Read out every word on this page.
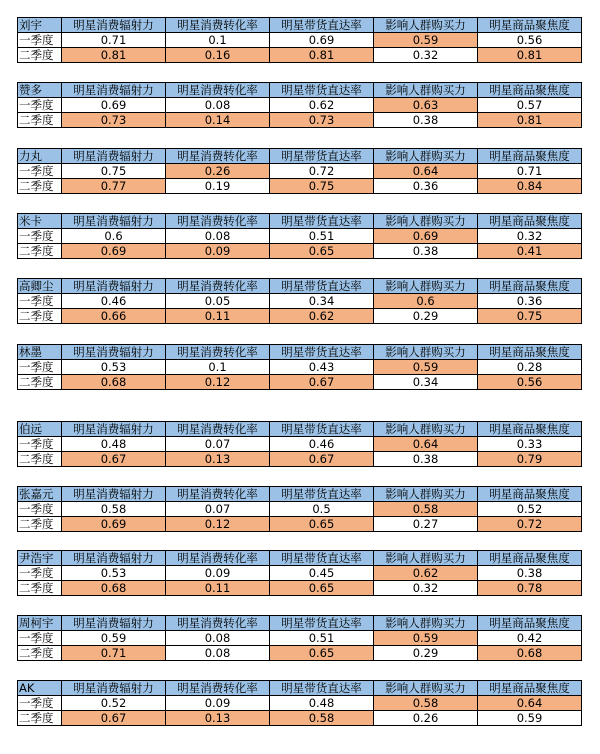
刘宇	明星消费辐射力	明星消费转化率	明星带货直达率	影响人群购买力	明星商品聚焦度
一季度	0.71	0.1	0.69	0.59	0.56
二季度	0.81	0.16	0.81	0.32	0.81
赞多	明星消费辐射力	明星消费转化率	明星带货直达率	影响人群购买力	明星商品聚焦度
一季度	0.69	0.08	0.62	0.63	0.57
二季度	0.73	0.14	0.73	0.38	0.81
力丸	明星消费辐射力	明星消费转化率	明星带货直达率	影响人群购买力	明星商品聚焦度
一季度	0.75	0.26	0.72	0.64	0.71
二季度	0.77	0.19	0.75	0.36	0.84
米卡	明星消费辐射力	明星消费转化率	明星带货直达率	影响人群购买力	明星商品聚焦度
一季度	0.6	0.08	0.51	0.69	0.32
二季度	0.69	0.09	0.65	0.38	0.41
高卿尘	明星消费辐射力	明星消费转化率	明星带货直达率	影响人群购买力	明星商品聚焦度
一季度	0.46	0.05	0.34	0.6	0.36
二季度	0.66	0.11	0.62	0.29	0.75
林墨	明星消费辐射力	明星消费转化率	明星带货直达率	影响人群购买力	明星商品聚焦度
一季度	0.53	0.1	0.43	0.59	0.28
二季度	0.68	0.12	0.67	0.34	0.56
伯远	明星消费辐射力	明星消费转化率	明星带货直达率	影响人群购买力	明星商品聚焦度
一季度	0.48	0.07	0.46	0.64	0.33
二季度	0.67	0.13	0.67	0.38	0.79
张嘉元	明星消费辐射力	明星消费转化率	明星带货直达率	影响人群购买力	明星商品聚焦度
一季度	0.58	0.07	0.5	0.58	0.52
二季度	0.69	0.12	0.65	0.27	0.72
尹浩宇	明星消费辐射力	明星消费转化率	明星带货直达率	影响人群购买力	明星商品聚焦度
一季度	0.53	0.09	0.45	0.62	0.38
二季度	0.68	0.11	0.65	0.32	0.78
周柯宇	明星消费辐射力	明星消费转化率	明星带货直达率	影响人群购买力	明星商品聚焦度
一季度	0.59	0.08	0.51	0.59	0.42
二季度	0.71	0.08	0.65	0.29	0.68
AK	明星消费辐射力	明星消费转化率	明星带货直达率	影响人群购买力	明星商品聚焦度
一季度	0.52	0.09	0.48	0.58	0.64
二季度	0.67	0.13	0.58	0.26	0.59
